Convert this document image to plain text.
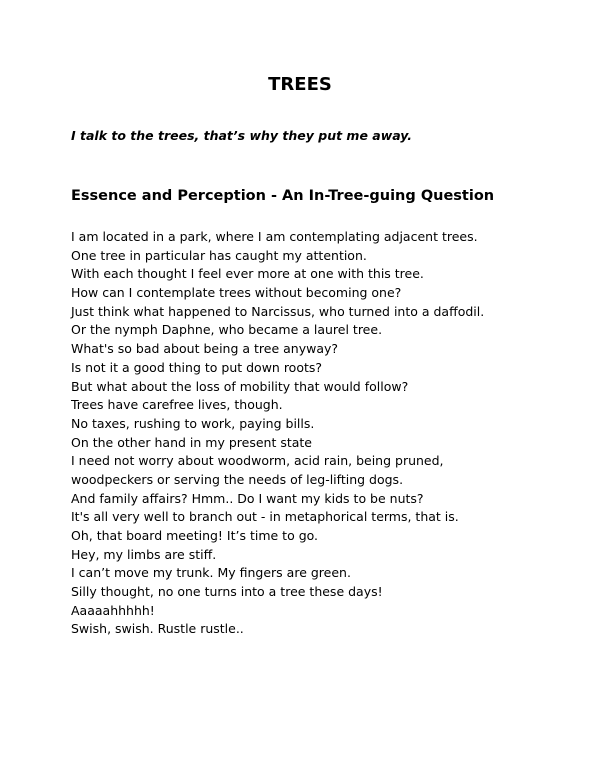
TREES

I talk to the trees, that’s why they put me away.

Essence and Perception - An In-Tree-guing Question
I am located in a park, where I am contemplating adjacent trees.
One tree in particular has caught my attention.
With each thought I feel ever more at one with this tree.
How can I contemplate trees without becoming one?
Just think what happened to Narcissus, who turned into a daffodil.
Or the nymph Daphne, who became a laurel tree.
What's so bad about being a tree anyway?
Is not it a good thing to put down roots?
But what about the loss of mobility that would follow?
Trees have carefree lives, though.
No taxes, rushing to work, paying bills.
On the other hand in my present state
I need not worry about woodworm, acid rain, being pruned,
woodpeckers or serving the needs of leg-lifting dogs.
And family affairs? Hmm.. Do I want my kids to be nuts?
It's all very well to branch out - in metaphorical terms, that is.
Oh, that board meeting! It’s time to go.
Hey, my limbs are stiff.
I can’t move my trunk. My fingers are green.
Silly thought, no one turns into a tree these days!
Aaaaahhhhh!
Swish, swish. Rustle rustle..
